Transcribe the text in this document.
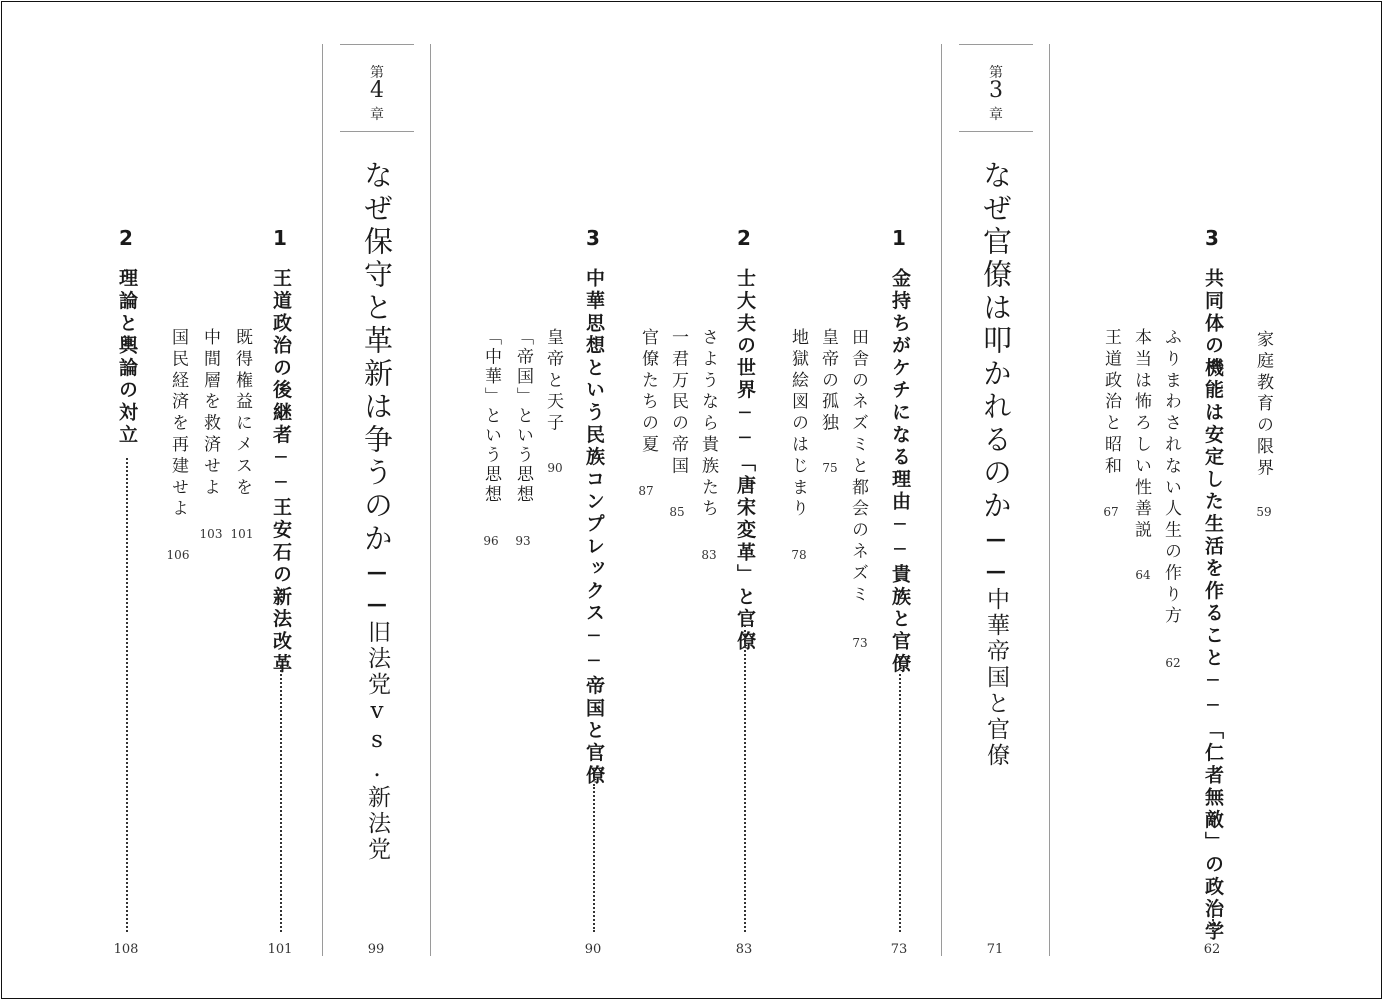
第
3
章
なぜ官僚は叩かれるのか──中華帝国と官僚
71
第
4
章
なぜ保守と革新は争うのか──旧法党vs.新法党
99
家庭教育の限界
59
3
共同体の機能は安定した生活を作ること──「仁者無敵」の政治学
62
ふりまわされない人生の作り方
62
本当は怖ろしい性善説
64
王道政治と昭和
67
1
金持ちがケチになる理由──貴族と官僚
73
田舎のネズミと都会のネズミ
73
皇帝の孤独
75
地獄絵図のはじまり
78
2
士大夫の世界──「唐宋変革」と官僚
83
さようなら貴族たち
83
一君万民の帝国
85
官僚たちの夏
87
3
中華思想という民族コンプレックス──帝国と官僚
90
皇帝と天子
90
「帝国」という思想
93
「中華」という思想
96
1
王道政治の後継者──王安石の新法改革
101
既得権益にメスを
101
中間層を救済せよ
103
国民経済を再建せよ
106
2
理論と輿論の対立
108
